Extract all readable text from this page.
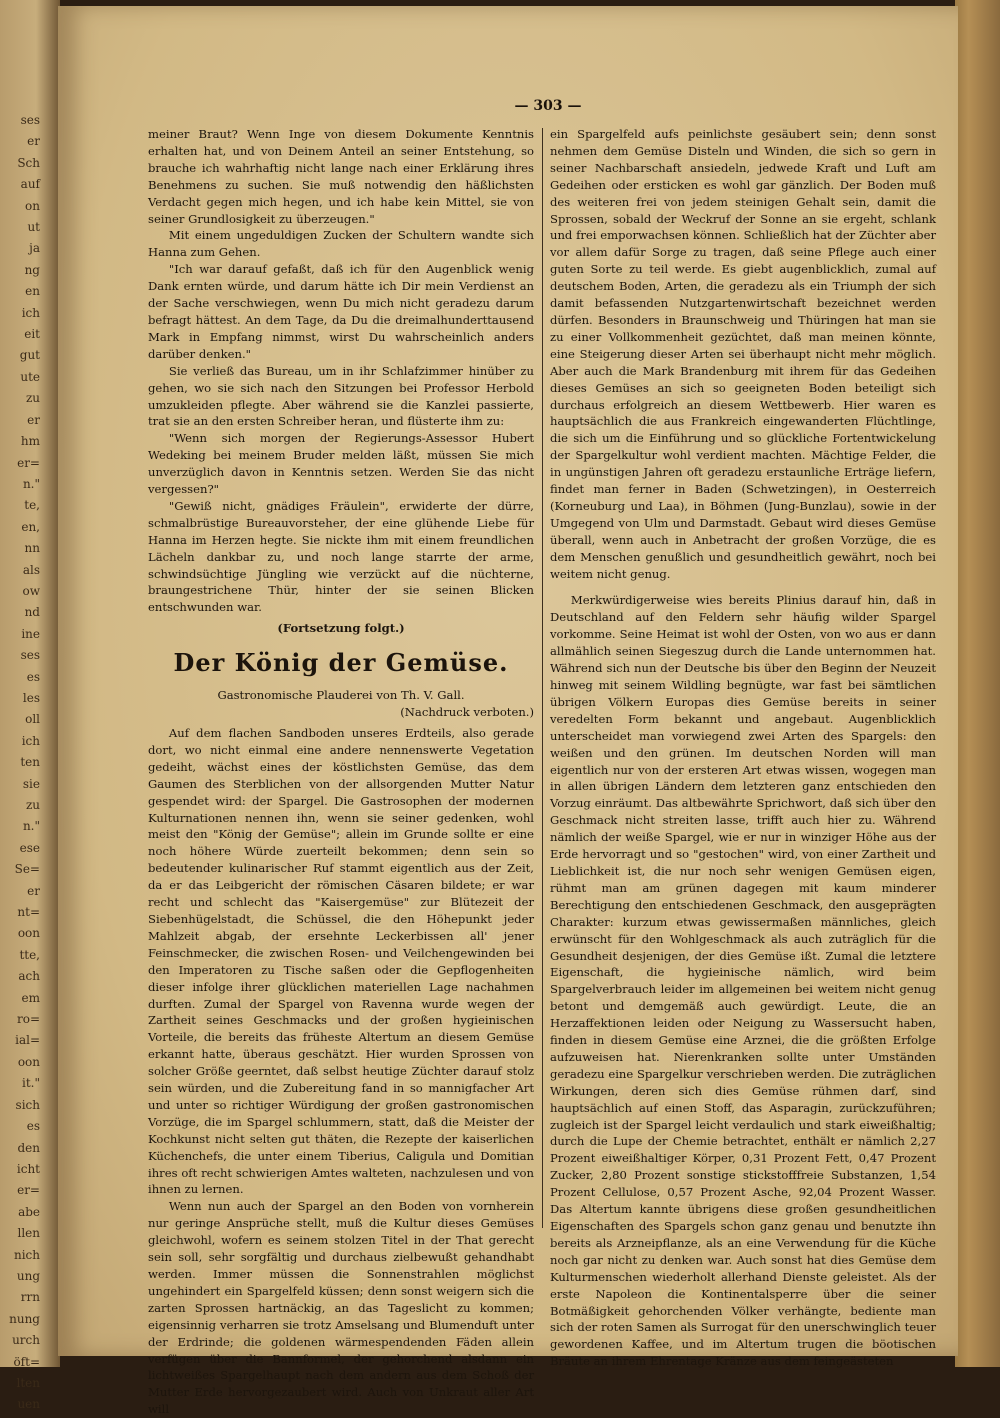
ses
er
Sch
auf
on
ut
ja
ng
en
ich
eit
gut
ute
zu
er
hm
er=
n."
te,
en,
nn
als
ow
nd
ine
ses
es
les
oll
ich
ten
sie
zu
n."
ese
Se=
er
nt=
oon
tte,
ach
em
ro=
ial=
oon
it."
sich
es
den
icht
er=
abe
llen
nich
ung
rrn
nung
urch
öft=
lten
uen
— 303 —

meiner Braut? Wenn Inge von diesem Dokumente Kenntnis erhalten hat, und von Deinem Anteil an seiner Entstehung, so brauche ich wahrhaftig nicht lange nach einer Erklärung ihres Benehmens zu suchen. Sie muß notwendig den häßlichsten Verdacht gegen mich hegen, und ich habe kein Mittel, sie von seiner Grundlosigkeit zu überzeugen."

Mit einem ungeduldigen Zucken der Schultern wandte sich Hanna zum Gehen.

"Ich war darauf gefaßt, daß ich für den Augenblick wenig Dank ernten würde, und darum hätte ich Dir mein Verdienst an der Sache verschwiegen, wenn Du mich nicht geradezu darum befragt hättest. An dem Tage, da Du die dreimalhunderttausend Mark in Empfang nimmst, wirst Du wahrscheinlich anders darüber denken."

Sie verließ das Bureau, um in ihr Schlafzimmer hinüber zu gehen, wo sie sich nach den Sitzungen bei Professor Herbold umzukleiden pflegte. Aber während sie die Kanzlei passierte, trat sie an den ersten Schreiber heran, und flüsterte ihm zu:

"Wenn sich morgen der Regierungs-Assessor Hubert Wedeking bei meinem Bruder melden läßt, müssen Sie mich unverzüglich davon in Kenntnis setzen. Werden Sie das nicht vergessen?"

"Gewiß nicht, gnädiges Fräulein", erwiderte der dürre, schmalbrüstige Bureauvorsteher, der eine glühende Liebe für Hanna im Herzen hegte. Sie nickte ihm mit einem freundlichen Lächeln dankbar zu, und noch lange starrte der arme, schwindsüchtige Jüngling wie verzückt auf die nüchterne, braungestrichene Thür, hinter der sie seinen Blicken entschwunden war.

(Fortsetzung folgt.)

Der König der Gemüse.

Gastronomische Plauderei von Th. V. Gall.

(Nachdruck verboten.)

Auf dem flachen Sandboden unseres Erdteils, also gerade dort, wo nicht einmal eine andere nennenswerte Vegetation gedeiht, wächst eines der köstlichsten Gemüse, das dem Gaumen des Sterblichen von der allsorgenden Mutter Natur gespendet wird: der Spargel. Die Gastrosophen der modernen Kulturnationen nennen ihn, wenn sie seiner gedenken, wohl meist den "König der Gemüse"; allein im Grunde sollte er eine noch höhere Würde zuerteilt bekommen; denn sein so bedeutender kulinarischer Ruf stammt eigentlich aus der Zeit, da er das Leibgericht der römischen Cäsaren bildete; er war recht und schlecht das "Kaisergemüse" zur Blütezeit der Siebenhügelstadt, die Schüssel, die den Höhepunkt jeder Mahlzeit abgab, der ersehnte Leckerbissen all' jener Feinschmecker, die zwischen Rosen- und Veilchengewinden bei den Imperatoren zu Tische saßen oder die Gepflogenheiten dieser infolge ihrer glücklichen materiellen Lage nachahmen durften. Zumal der Spargel von Ravenna wurde wegen der Zartheit seines Geschmacks und der großen hygieinischen Vorteile, die bereits das früheste Altertum an diesem Gemüse erkannt hatte, überaus geschätzt. Hier wurden Sprossen von solcher Größe geerntet, daß selbst heutige Züchter darauf stolz sein würden, und die Zubereitung fand in so mannigfacher Art und unter so richtiger Würdigung der großen gastronomischen Vorzüge, die im Spargel schlummern, statt, daß die Meister der Kochkunst nicht selten gut thäten, die Rezepte der kaiserlichen Küchenchefs, die unter einem Tiberius, Caligula und Domitian ihres oft recht schwierigen Amtes walteten, nachzulesen und von ihnen zu lernen.

Wenn nun auch der Spargel an den Boden von vornherein nur geringe Ansprüche stellt, muß die Kultur dieses Gemüses gleichwohl, wofern es seinem stolzen Titel in der That gerecht sein soll, sehr sorgfältig und durchaus zielbewußt gehandhabt werden. Immer müssen die Sonnenstrahlen möglichst ungehindert ein Spargelfeld küssen; denn sonst weigern sich die zarten Sprossen hartnäckig, an das Tageslicht zu kommen; eigensinnig verharren sie trotz Amselsang und Blumenduft unter der Erdrinde; die goldenen wärmespendenden Fäden allein verfügen über die Bannformel, der gehorchend alsdann ein lichtweißes Spargelhaupt nach dem andern aus dem Schoß der Mutter Erde hervorgezaubert wird. Auch von Unkraut aller Art will

ein Spargelfeld aufs peinlichste gesäubert sein; denn sonst nehmen dem Gemüse Disteln und Winden, die sich so gern in seiner Nachbarschaft ansiedeln, jedwede Kraft und Luft am Gedeihen oder ersticken es wohl gar gänzlich. Der Boden muß des weiteren frei von jedem steinigen Gehalt sein, damit die Sprossen, sobald der Weckruf der Sonne an sie ergeht, schlank und frei emporwachsen können. Schließlich hat der Züchter aber vor allem dafür Sorge zu tragen, daß seine Pflege auch einer guten Sorte zu teil werde. Es giebt augenblicklich, zumal auf deutschem Boden, Arten, die geradezu als ein Triumph der sich damit befassenden Nutzgartenwirtschaft bezeichnet werden dürfen. Besonders in Braunschweig und Thüringen hat man sie zu einer Vollkommenheit gezüchtet, daß man meinen könnte, eine Steigerung dieser Arten sei überhaupt nicht mehr möglich. Aber auch die Mark Brandenburg mit ihrem für das Gedeihen dieses Gemüses an sich so geeigneten Boden beteiligt sich durchaus erfolgreich an diesem Wettbewerb. Hier waren es hauptsächlich die aus Frankreich eingewanderten Flüchtlinge, die sich um die Einführung und so glückliche Fortentwickelung der Spargelkultur wohl verdient machten. Mächtige Felder, die in ungünstigen Jahren oft geradezu erstaunliche Erträge liefern, findet man ferner in Baden (Schwetzingen), in Oesterreich (Korneuburg und Laa), in Böhmen (Jung-Bunzlau), sowie in der Umgegend von Ulm und Darmstadt. Gebaut wird dieses Gemüse überall, wenn auch in Anbetracht der großen Vorzüge, die es dem Menschen genußlich und gesundheitlich gewährt, noch bei weitem nicht genug.

Merkwürdigerweise wies bereits Plinius darauf hin, daß in Deutschland auf den Feldern sehr häufig wilder Spargel vorkomme. Seine Heimat ist wohl der Osten, von wo aus er dann allmählich seinen Siegeszug durch die Lande unternommen hat. Während sich nun der Deutsche bis über den Beginn der Neuzeit hinweg mit seinem Wildling begnügte, war fast bei sämtlichen übrigen Völkern Europas dies Gemüse bereits in seiner veredelten Form bekannt und angebaut. Augenblicklich unterscheidet man vorwiegend zwei Arten des Spargels: den weißen und den grünen. Im deutschen Norden will man eigentlich nur von der ersteren Art etwas wissen, wogegen man in allen übrigen Ländern dem letzteren ganz entschieden den Vorzug einräumt. Das altbewährte Sprichwort, daß sich über den Geschmack nicht streiten lasse, trifft auch hier zu. Während nämlich der weiße Spargel, wie er nur in winziger Höhe aus der Erde hervorragt und so "gestochen" wird, von einer Zartheit und Lieblichkeit ist, die nur noch sehr wenigen Gemüsen eigen, rühmt man am grünen dagegen mit kaum minderer Berechtigung den entschiedenen Geschmack, den ausgeprägten Charakter: kurzum etwas gewissermaßen männliches, gleich erwünscht für den Wohlgeschmack als auch zuträglich für die Gesundheit desjenigen, der dies Gemüse ißt. Zumal die letztere Eigenschaft, die hygieinische nämlich, wird beim Spargelverbrauch leider im allgemeinen bei weitem nicht genug betont und demgemäß auch gewürdigt. Leute, die an Herzaffektionen leiden oder Neigung zu Wassersucht haben, finden in diesem Gemüse eine Arznei, die die größten Erfolge aufzuweisen hat. Nierenkranken sollte unter Umständen geradezu eine Spargelkur verschrieben werden. Die zuträglichen Wirkungen, deren sich dies Gemüse rühmen darf, sind hauptsächlich auf einen Stoff, das Asparagin, zurückzuführen; zugleich ist der Spargel leicht verdaulich und stark eiweißhaltig; durch die Lupe der Chemie betrachtet, enthält er nämlich 2,27 Prozent eiweißhaltiger Körper, 0,31 Prozent Fett, 0,47 Prozent Zucker, 2,80 Prozent sonstige stickstofffreie Substanzen, 1,54 Prozent Cellulose, 0,57 Prozent Asche, 92,04 Prozent Wasser. Das Altertum kannte übrigens diese großen gesundheitlichen Eigenschaften des Spargels schon ganz genau und benutzte ihn bereits als Arzneipflanze, als an eine Verwendung für die Küche noch gar nicht zu denken war. Auch sonst hat dies Gemüse dem Kulturmenschen wiederholt allerhand Dienste geleistet. Als der erste Napoleon die Kontinentalsperre über die seiner Botmäßigkeit gehorchenden Völker verhängte, bediente man sich der roten Samen als Surrogat für den unerschwinglich teuer gewordenen Kaffee, und im Altertum trugen die böotischen Bräute an ihrem Ehrentage Kränze aus dem feingeästeten
